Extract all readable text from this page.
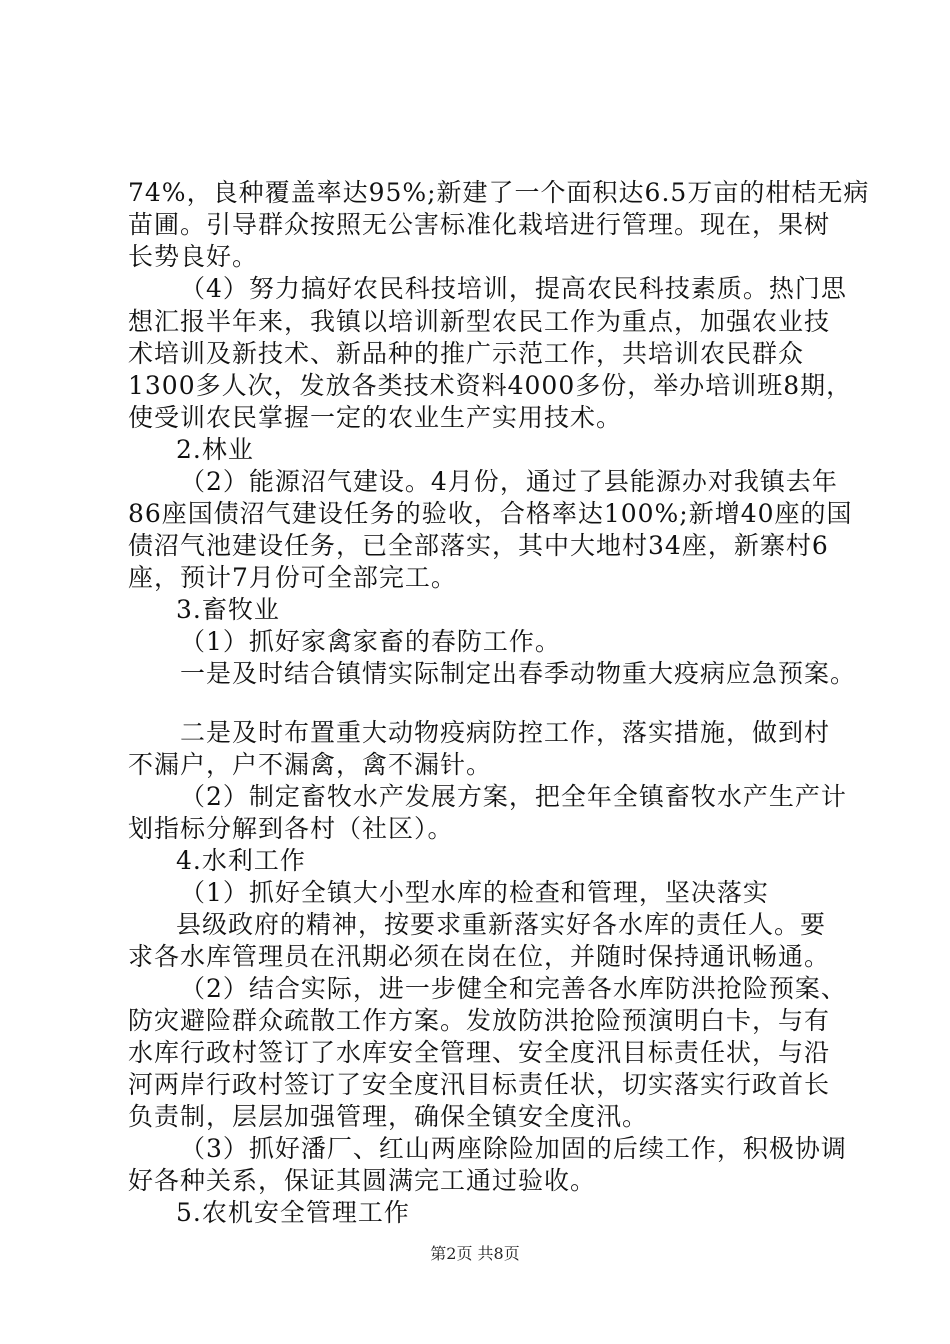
74%，良种覆盖率达95%;新建了一个面积达6.5万亩的柑桔无病
苗圃。引导群众按照无公害标准化栽培进行管理。现在，果树
长势良好。
（4）努力搞好农民科技培训，提高农民科技素质。热门思
想汇报半年来，我镇以培训新型农民工作为重点，加强农业技
术培训及新技术、新品种的推广示范工作，共培训农民群众
1300多人次，发放各类技术资料4000多份，举办培训班8期，
使受训农民掌握一定的农业生产实用技术。
2.林业
（2）能源沼气建设。4月份，通过了县能源办对我镇去年
86座国债沼气建设任务的验收，合格率达100%;新增40座的国
债沼气池建设任务，已全部落实，其中大地村34座，新寨村6
座，预计7月份可全部完工。
3.畜牧业
（1）抓好家禽家畜的春防工作。
一是及时结合镇情实际制定出春季动物重大疫病应急预案。
二是及时布置重大动物疫病防控工作，落实措施，做到村
不漏户，户不漏禽，禽不漏针。
（2）制定畜牧水产发展方案，把全年全镇畜牧水产生产计
划指标分解到各村（社区）。
4.水利工作
（1）抓好全镇大小型水库的检查和管理，坚决落实
县级政府的精神，按要求重新落实好各水库的责任人。要
求各水库管理员在汛期必须在岗在位，并随时保持通讯畅通。
（2）结合实际，进一步健全和完善各水库防洪抢险预案、
防灾避险群众疏散工作方案。发放防洪抢险预演明白卡，与有
水库行政村签订了水库安全管理、安全度汛目标责任状，与沿
河两岸行政村签订了安全度汛目标责任状，切实落实行政首长
负责制，层层加强管理，确保全镇安全度汛。
（3）抓好潘厂、红山两座除险加固的后续工作，积极协调
好各种关系，保证其圆满完工通过验收。
5.农机安全管理工作
第2页 共8页
